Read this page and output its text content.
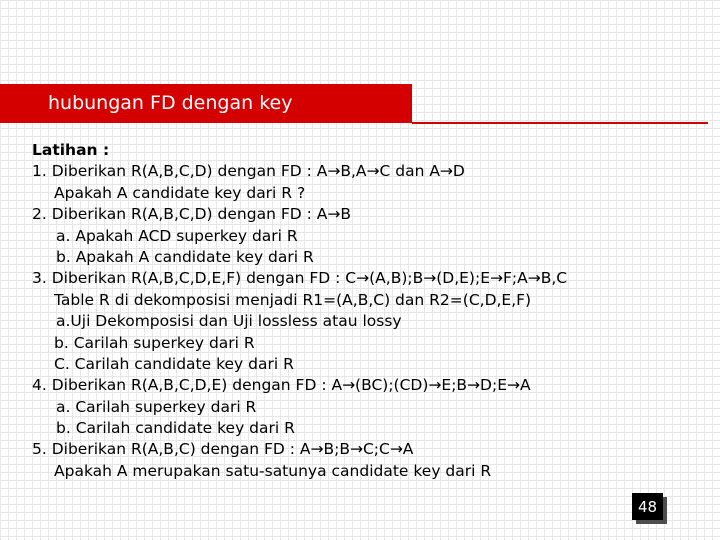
hubungan FD dengan key
Latihan :
1. Diberikan R(A,B,C,D) dengan FD : A→B,A→C dan A→D
Apakah A candidate key dari R ?
2. Diberikan R(A,B,C,D) dengan FD : A→B
a. Apakah ACD superkey dari R
b. Apakah A candidate key dari R
3. Diberikan R(A,B,C,D,E,F) dengan FD : C→(A,B);B→(D,E);E→F;A→B,C
Table R di dekomposisi menjadi R1=(A,B,C) dan R2=(C,D,E,F)
a.Uji Dekomposisi dan Uji lossless atau lossy
b. Carilah superkey dari R
C. Carilah candidate key dari R
4. Diberikan R(A,B,C,D,E) dengan FD : A→(BC);(CD)→E;B→D;E→A
a. Carilah superkey dari R
b. Carilah candidate key dari R
5. Diberikan R(A,B,C) dengan FD : A→B;B→C;C→A
Apakah A merupakan satu-satunya candidate key dari R
48
